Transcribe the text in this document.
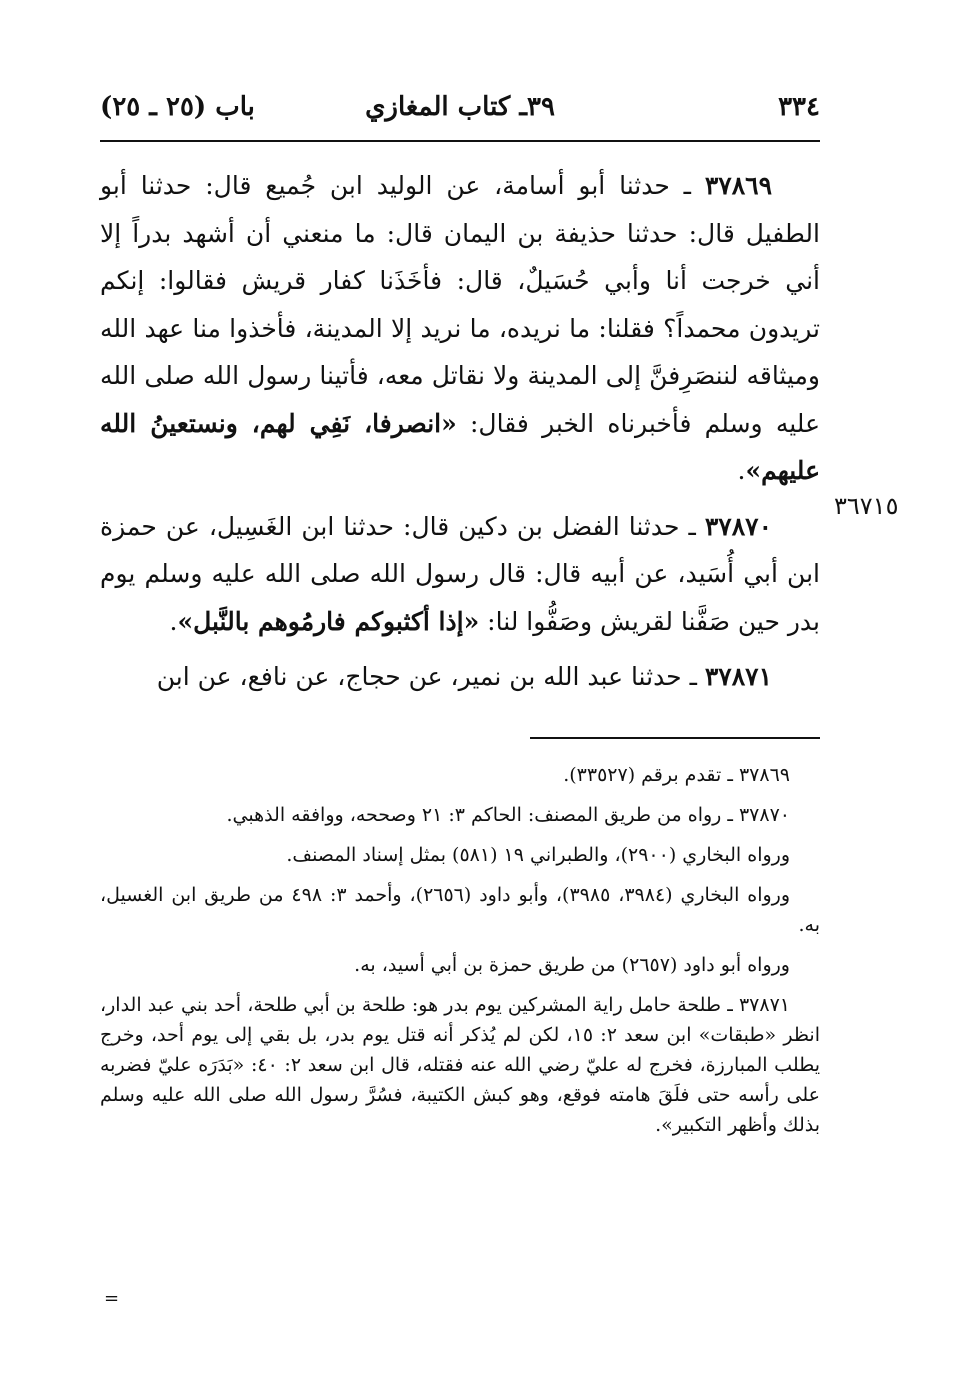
٣٣٤
٣٩ـ كتاب المغازي
باب (٢٥ ـ ٢٥)
٣٦٧١٥

٣٧٨٦٩ ـ حدثنا أبو أسامة، عن الوليد ابن جُميع قال: حدثنا أبو الطفيل قال: حدثنا حذيفة بن اليمان قال: ما منعني أن أشهد بدراً إلا أني خرجت أنا وأبي حُسَيلٌ، قال: فأخَذَنا كفار قريش فقالوا: إنكم تريدون محمداً؟ فقلنا: ما نريده، ما نريد إلا المدينة، فأخذوا منا عهد الله وميثاقه لننصَرِفنَّ إلى المدينة ولا نقاتل معه، فأتينا رسول الله صلى الله عليه وسلم فأخبرناه الخبر فقال: «انصرفا، نَفِي لهم، ونستعينُ الله عليهم».

٣٧٨٧٠ ـ حدثنا الفضل بن دكين قال: حدثنا ابن الغَسِيل، عن حمزة ابن أبي أُسَيد، عن أبيه قال: قال رسول الله صلى الله عليه وسلم يوم بدر حين صَفَّنا لقريش وصَفُّوا لنا: «إذا أكثبوكم فارمُوهم بالنَّبل».

٣٧٨٧١ ـ حدثنا عبد الله بن نمير، عن حجاج، عن نافع، عن ابن

٣٧٨٦٩ ـ تقدم برقم (٣٣٥٢٧).

٣٧٨٧٠ ـ رواه من طريق المصنف: الحاكم ٣: ٢١ وصححه، ووافقه الذهبي.

ورواه البخاري (٢٩٠٠)، والطبراني ١٩ (٥٨١) بمثل إسناد المصنف.

ورواه البخاري (٣٩٨٤، ٣٩٨٥)، وأبو داود (٢٦٥٦)، وأحمد ٣: ٤٩٨ من طريق ابن الغسيل، به.

ورواه أبو داود (٢٦٥٧) من طريق حمزة بن أبي أسيد، به.

٣٧٨٧١ ـ طلحة حامل راية المشركين يوم بدر هو: طلحة بن أبي طلحة، أحد بني عبد الدار، انظر «طبقات» ابن سعد ٢: ١٥، لكن لم يُذكر أنه قتل يوم بدر، بل بقي إلى يوم أحد، وخرج يطلب المبارزة، فخرج له عليّ رضي الله عنه فقتله، قال ابن سعد ٢: ٤٠: «بَدَرَه عليّ فضربه على رأسه حتى فلَقَ هامته فوقع، وهو كبش الكتيبة، فسُرَّ رسول الله صلى الله عليه وسلم بذلك وأظهر التكبير».

=
